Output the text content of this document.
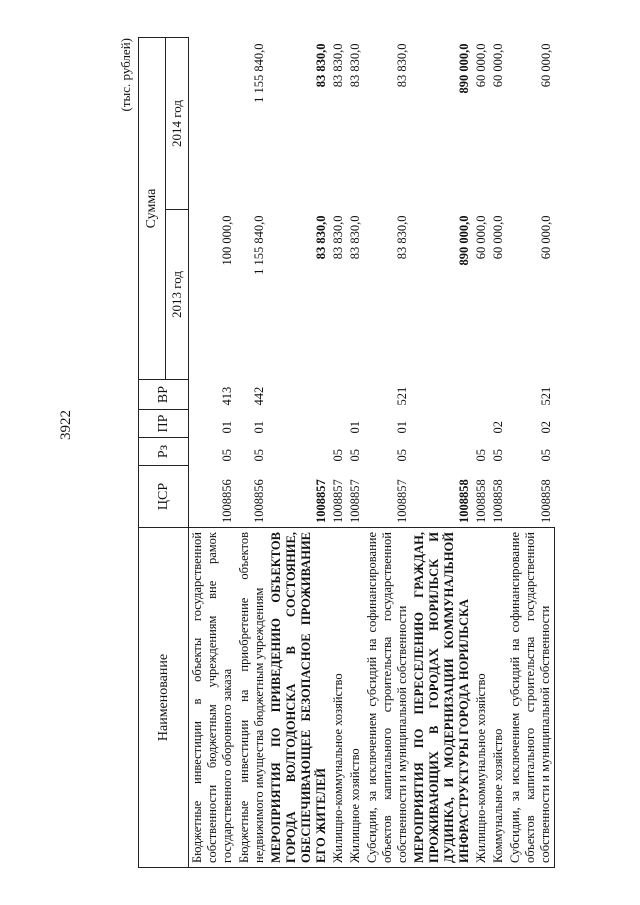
3922
(тыс. рублей)
Наименование	ЦСР	Рз	ПР	ВР	Сумма	
					2013 год	2014 год
Бюджетные инвестиции в объекты государственной собственности бюджетным учреждениям вне рамок государственного оборонного заказа	1008856	05	01	413	100 000,0	
Бюджетные инвестиции на приобретение объектов недвижимого имущества бюджетным учреждениям	1008856	05	01	442	1 155 840,0	1 155 840,0
МЕРОПРИЯТИЯ ПО ПРИВЕДЕНИЮ ОБЪЕКТОВ ГОРОДА ВОЛГОДОНСКА В СОСТОЯНИЕ, ОБЕСПЕЧИВАЮЩЕЕ БЕЗОПАСНОЕ ПРОЖИВАНИЕ ЕГО ЖИТЕЛЕЙ	1008857				83 830,0	83 830,0
Жилищно-коммунальное хозяйство	1008857	05			83 830,0	83 830,0
Жилищное хозяйство	1008857	05	01		83 830,0	83 830,0
Субсидии, за исключением субсидий на софинансирование объектов капитального строительства государственной собственности и муниципальной собственности	1008857	05	01	521	83 830,0	83 830,0
МЕРОПРИЯТИЯ ПО ПЕРЕСЕЛЕНИЮ ГРАЖДАН, ПРОЖИВАЮЩИХ В ГОРОДАХ НОРИЛЬСК И ДУДИНКА, И МОДЕРНИЗАЦИИ КОММУНАЛЬНОЙ ИНФРАСТРУКТУРЫ ГОРОДА НОРИЛЬСКА	1008858				890 000,0	890 000,0
Жилищно-коммунальное хозяйство	1008858	05			60 000,0	60 000,0
Коммунальное хозяйство	1008858	05	02		60 000,0	60 000,0
Субсидии, за исключением субсидий на софинансирование объектов капитального строительства государственной собственности и муниципальной собственности	1008858	05	02	521	60 000,0	60 000,0
